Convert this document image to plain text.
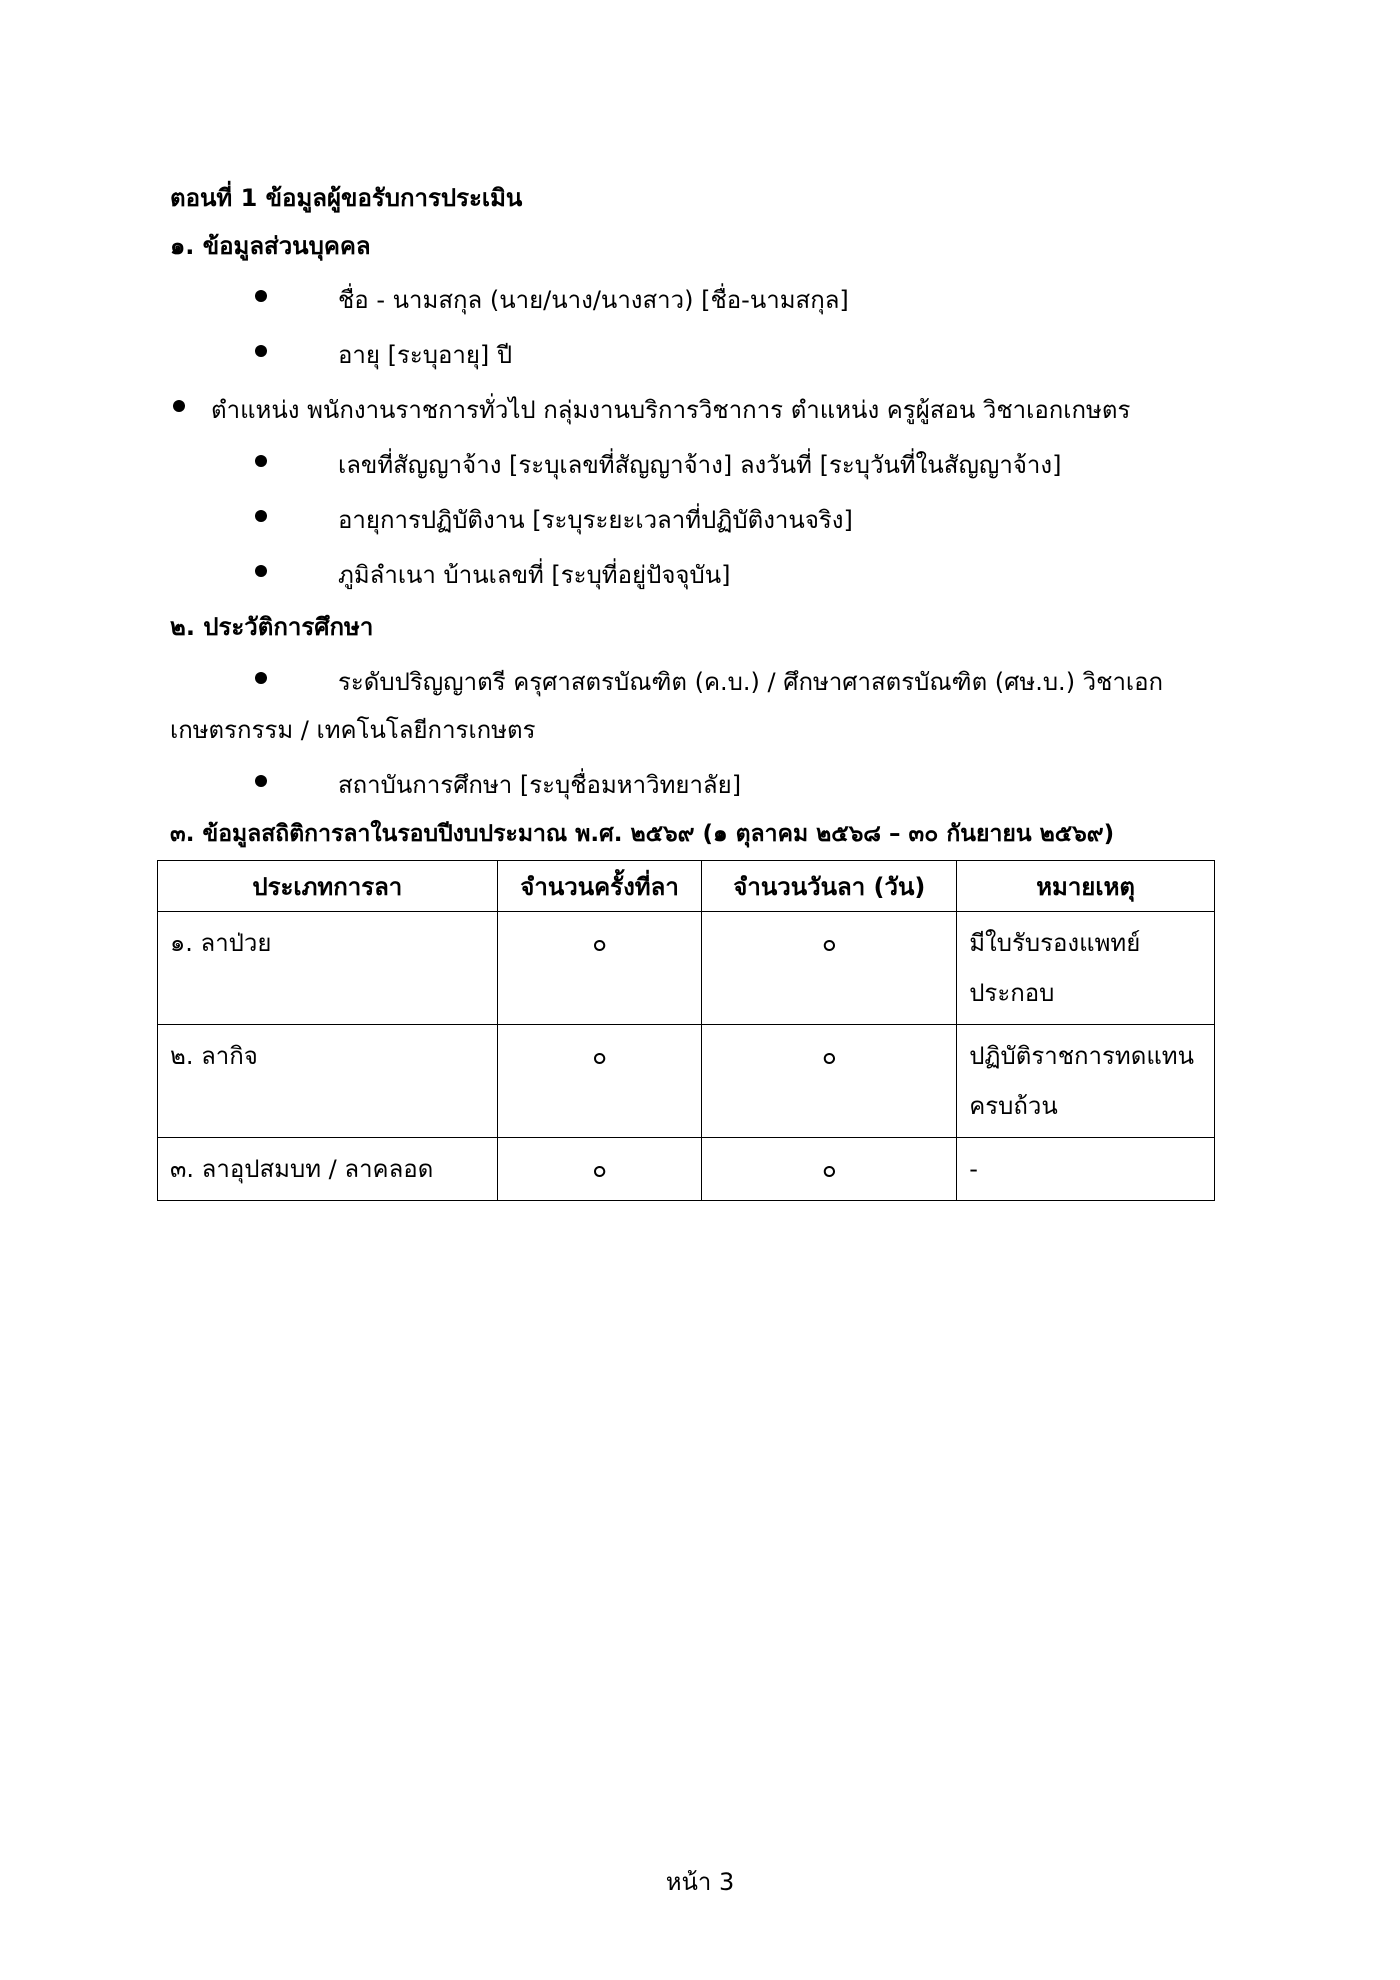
ตอนที่ 1 ข้อมูลผู้ขอรับการประเมิน
๑. ข้อมูลส่วนบุคคล
ชื่อ - นามสกุล (นาย/นาง/นางสาว) [ชื่อ-นามสกุล]
อายุ [ระบุอายุ] ปี
ตำแหน่ง พนักงานราชการทั่วไป กลุ่มงานบริการวิชาการ ตำแหน่ง ครูผู้สอน วิชาเอกเกษตร
เลขที่สัญญาจ้าง [ระบุเลขที่สัญญาจ้าง] ลงวันที่ [ระบุวันที่ในสัญญาจ้าง]
อายุการปฏิบัติงาน [ระบุระยะเวลาที่ปฏิบัติงานจริง]
ภูมิลำเนา บ้านเลขที่ [ระบุที่อยู่ปัจจุบัน]
๒. ประวัติการศึกษา
ระดับปริญญาตรี ครุศาสตรบัณฑิต (ค.บ.) / ศึกษาศาสตรบัณฑิต (ศษ.บ.) วิชาเอก
เกษตรกรรม / เทคโนโลยีการเกษตร
สถาบันการศึกษา [ระบุชื่อมหาวิทยาลัย]
๓. ข้อมูลสถิติการลาในรอบปีงบประมาณ พ.ศ. ๒๕๖๙ (๑ ตุลาคม ๒๕๖๘ – ๓๐ กันยายน ๒๕๖๙)
ประเภทการลา	จำนวนครั้งที่ลา	จำนวนวันลา (วัน)	หมายเหตุ
๑. ลาป่วย	๐	๐	มีใบรับรองแพทย์ประกอบ
๒. ลากิจ	๐	๐	ปฏิบัติราชการทดแทนครบถ้วน
๓. ลาอุปสมบท / ลาคลอด	๐	๐	-
หน้า 3
